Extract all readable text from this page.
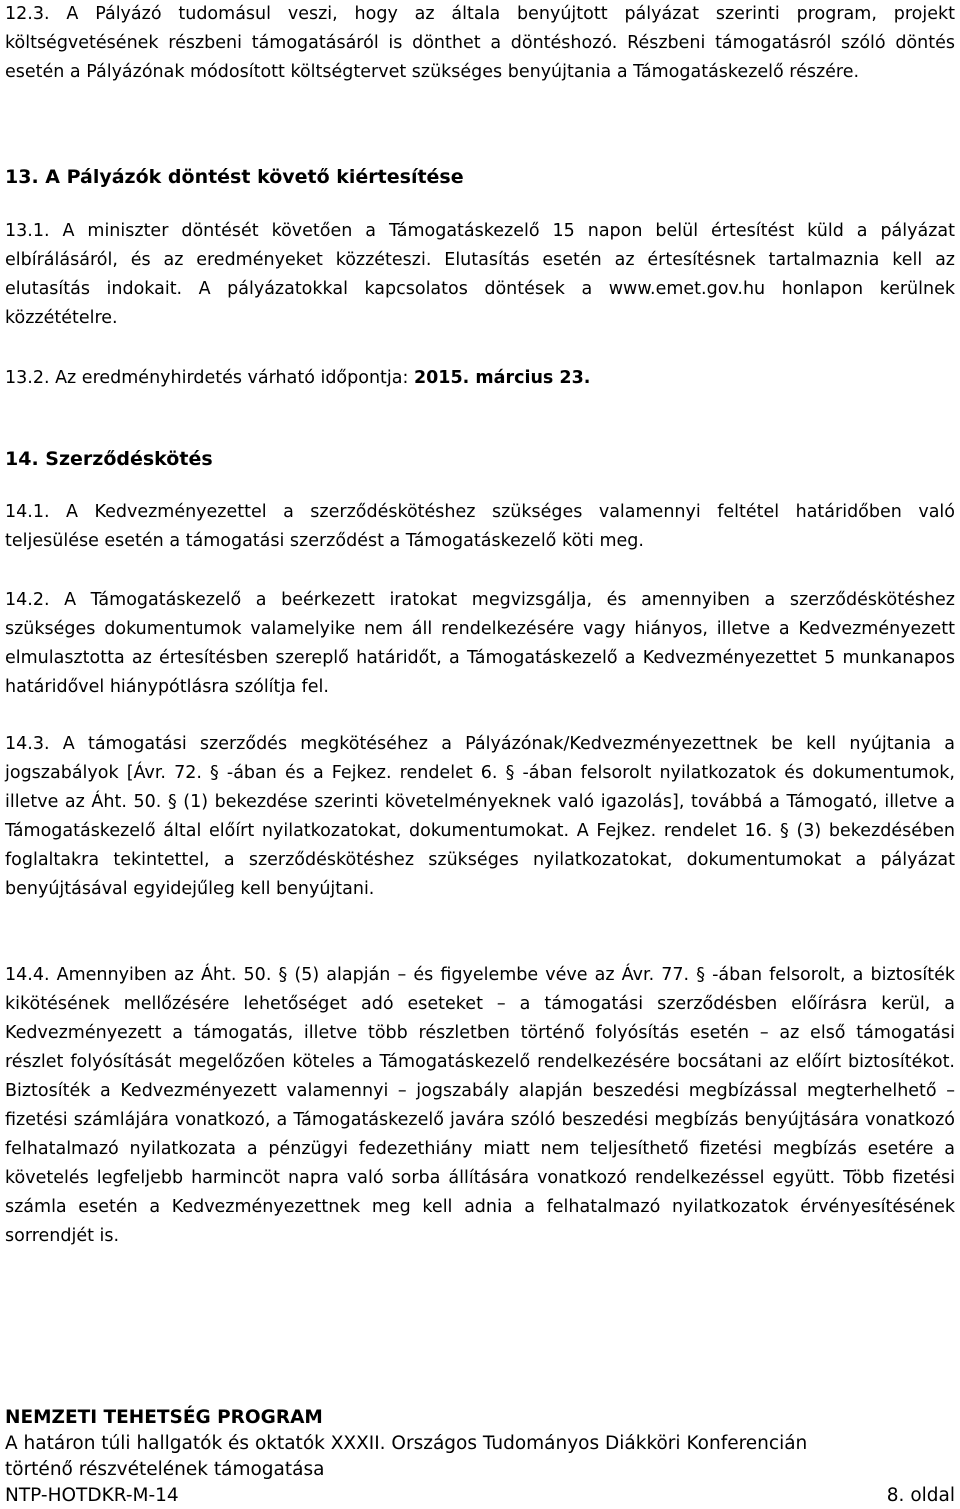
12.3. A Pályázó tudomásul veszi, hogy az általa benyújtott pályázat szerinti program, projekt költségvetésének részbeni támogatásáról is dönthet a döntéshozó. Részbeni támogatásról szóló döntés esetén a Pályázónak módosított költségtervet szükséges benyújtania a Támogatáskezelő részére.

13. A Pályázók döntést követő kiértesítése

13.1. A miniszter döntését követően a Támogatáskezelő 15 napon belül értesítést küld a pályázat elbírálásáról, és az eredményeket közzéteszi. Elutasítás esetén az értesítésnek tartalmaznia kell az elutasítás indokait. A pályázatokkal kapcsolatos döntések a www.emet.gov.hu honlapon kerülnek közzétételre.

13.2. Az eredményhirdetés várható időpontja: 2015. március 23.

14. Szerződéskötés

14.1. A Kedvezményezettel a szerződéskötéshez szükséges valamennyi feltétel határidőben való teljesülése esetén a támogatási szerződést a Támogatáskezelő köti meg.

14.2. A Támogatáskezelő a beérkezett iratokat megvizsgálja, és amennyiben a szerződéskötéshez szükséges dokumentumok valamelyike nem áll rendelkezésére vagy hiányos, illetve a Kedvezményezett elmulasztotta az értesítésben szereplő határidőt, a Támogatáskezelő a Kedvezményezettet 5 munkanapos határidővel hiánypótlásra szólítja fel.

14.3. A támogatási szerződés megkötéséhez a Pályázónak/Kedvezményezettnek be kell nyújtania a jogszabályok [Ávr. 72. § -ában és a Fejkez. rendelet 6. § -ában felsorolt nyilatkozatok és dokumentumok, illetve az Áht. 50. § (1) bekezdése szerinti követelményeknek való igazolás], továbbá a Támogató, illetve a Támogatáskezelő által előírt nyilatkozatokat, dokumentumokat. A Fejkez. rendelet 16. § (3) bekezdésében foglaltakra tekintettel, a szerződéskötéshez szükséges nyilatkozatokat, dokumentumokat a pályázat benyújtásával egyidejűleg kell benyújtani.

14.4. Amennyiben az Áht. 50. § (5) alapján – és figyelembe véve az Ávr. 77. § -ában felsorolt, a biztosíték kikötésének mellőzésére lehetőséget adó eseteket – a támogatási szerződésben előírásra kerül, a Kedvezményezett a támogatás, illetve több részletben történő folyósítás esetén – az első támogatási részlet folyósítását megelőzően köteles a Támogatáskezelő rendelkezésére bocsátani az előírt biztosítékot. Biztosíték a Kedvezményezett valamennyi – jogszabály alapján beszedési megbízással megterhelhető – fizetési számlájára vonatkozó, a Támogatáskezelő javára szóló beszedési megbízás benyújtására vonatkozó felhatalmazó nyilatkozata a pénzügyi fedezethiány miatt nem teljesíthető fizetési megbízás esetére a követelés legfeljebb harmincöt napra való sorba állítására vonatkozó rendelkezéssel együtt. Több fizetési számla esetén a Kedvezményezettnek meg kell adnia a felhatalmazó nyilatkozatok érvényesítésének sorrendjét is.

NEMZETI TEHETSÉG PROGRAM
A határon túli hallgatók és oktatók XXXII. Országos Tudományos Diákköri Konferencián
történő részvételének támogatása
NTP-HOTDKR-M-14	8. oldal
